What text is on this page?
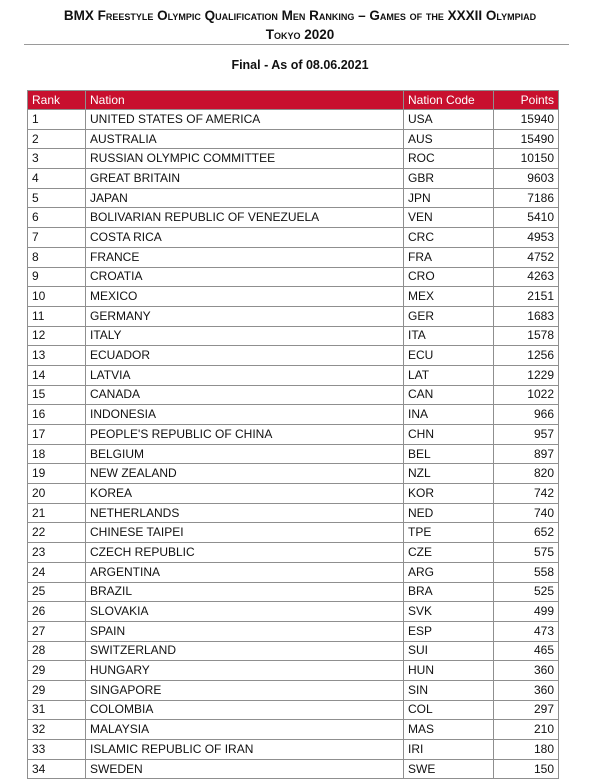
BMX Freestyle Olympic Qualification Men Ranking – Games of the XXXII Olympiad
Tokyo 2020
Final - As of 08.06.2021
Rank	Nation	Nation Code	Points
1	UNITED STATES OF AMERICA	USA	15940
2	AUSTRALIA	AUS	15490
3	RUSSIAN OLYMPIC COMMITTEE	ROC	10150
4	GREAT BRITAIN	GBR	9603
5	JAPAN	JPN	7186
6	BOLIVARIAN REPUBLIC OF VENEZUELA	VEN	5410
7	COSTA RICA	CRC	4953
8	FRANCE	FRA	4752
9	CROATIA	CRO	4263
10	MEXICO	MEX	2151
11	GERMANY	GER	1683
12	ITALY	ITA	1578
13	ECUADOR	ECU	1256
14	LATVIA	LAT	1229
15	CANADA	CAN	1022
16	INDONESIA	INA	966
17	PEOPLE'S REPUBLIC OF CHINA	CHN	957
18	BELGIUM	BEL	897
19	NEW ZEALAND	NZL	820
20	KOREA	KOR	742
21	NETHERLANDS	NED	740
22	CHINESE TAIPEI	TPE	652
23	CZECH REPUBLIC	CZE	575
24	ARGENTINA	ARG	558
25	BRAZIL	BRA	525
26	SLOVAKIA	SVK	499
27	SPAIN	ESP	473
28	SWITZERLAND	SUI	465
29	HUNGARY	HUN	360
29	SINGAPORE	SIN	360
31	COLOMBIA	COL	297
32	MALAYSIA	MAS	210
33	ISLAMIC REPUBLIC OF IRAN	IRI	180
34	SWEDEN	SWE	150
